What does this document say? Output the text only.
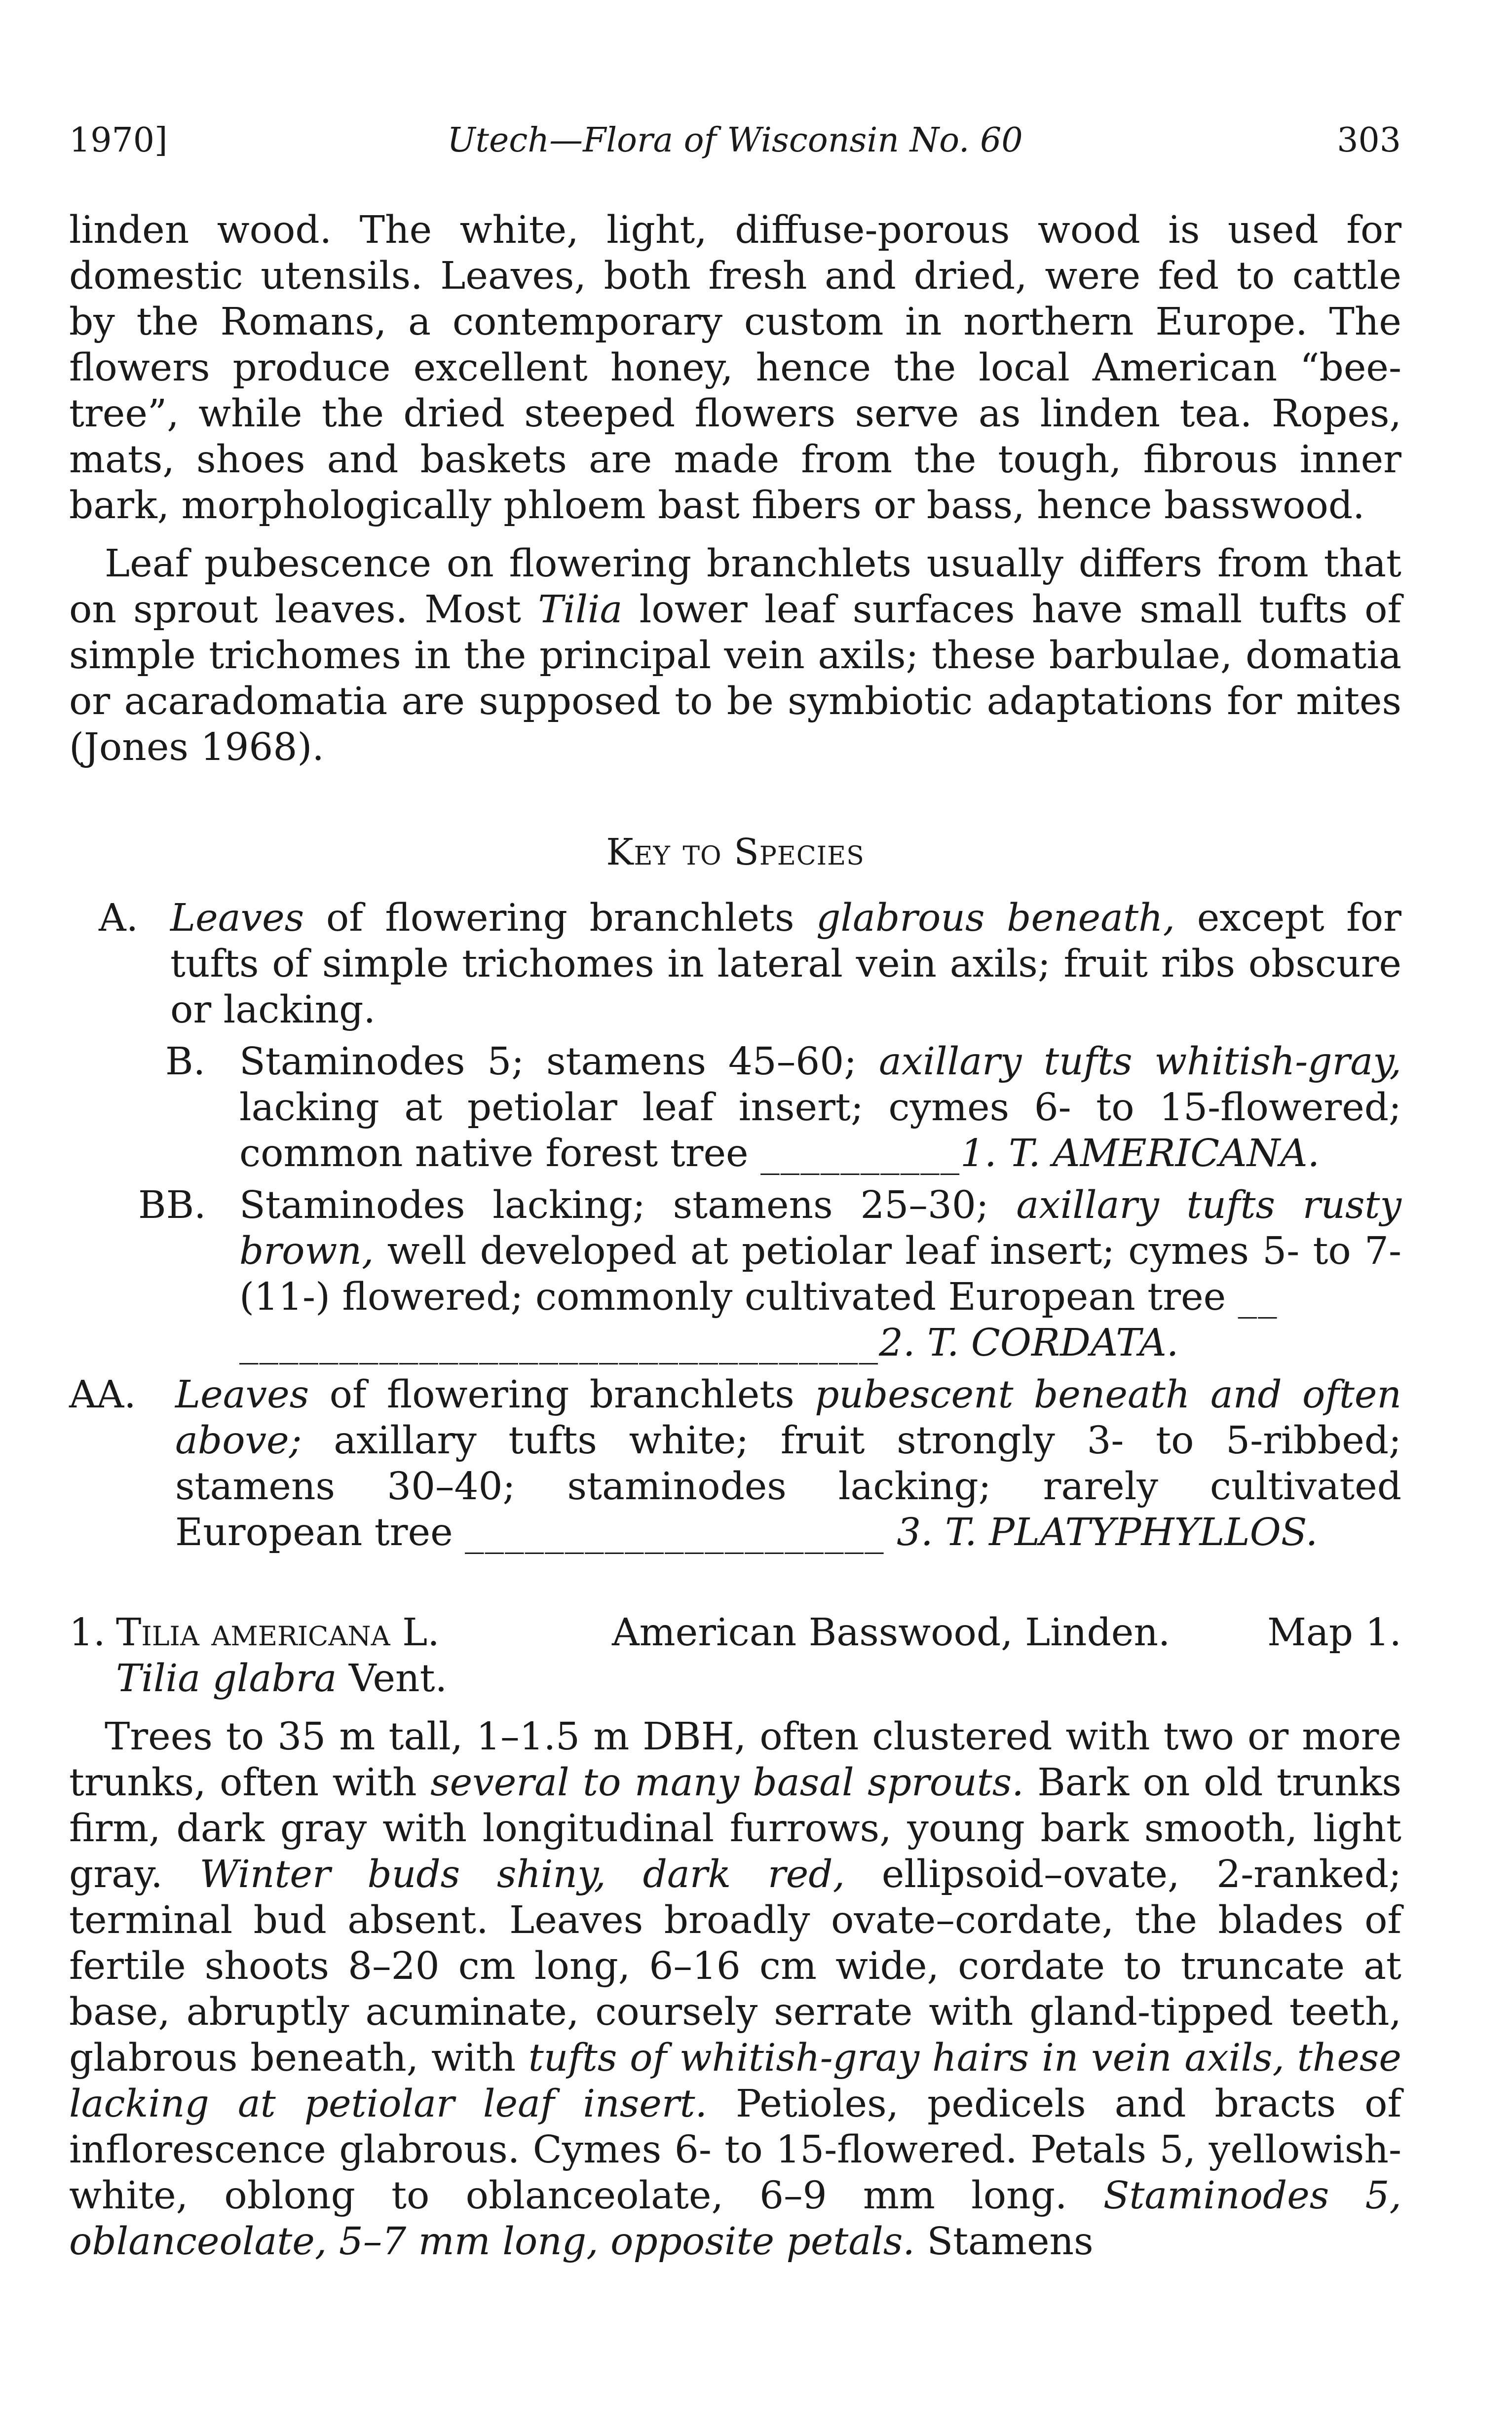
1970]	Utech—Flora of Wisconsin No. 60	303

linden wood. The white, light, diffuse-porous wood is used for domestic utensils. Leaves, both fresh and dried, were fed to cattle by the Romans, a contemporary custom in northern Europe. The flowers produce excellent honey, hence the local American “bee-tree”, while the dried steeped flowers serve as linden tea. Ropes, mats, shoes and baskets are made from the tough, fibrous inner bark, morphologically phloem bast fibers or bass, hence basswood.

Leaf pubescence on flowering branchlets usually differs from that on sprout leaves. Most Tilia lower leaf surfaces have small tufts of simple trichomes in the principal vein axils; these barbulae, domatia or acaradomatia are supposed to be symbiotic adaptations for mites (Jones 1968).

Key to Species

A. Leaves of flowering branchlets glabrous beneath, except for tufts of simple trichomes in lateral vein axils; fruit ribs obscure or lacking.

B. Staminodes 5; stamens 45–60; axillary tufts whitish-gray, lacking at petiolar leaf insert; cymes 6- to 15-flowered; common native forest tree __________1. T. AMERICANA.

BB. Staminodes lacking; stamens 25–30; axillary tufts rusty brown, well developed at petiolar leaf insert; cymes 5- to 7- (11-) flowered; commonly cultivated European tree __

________________________________2. T. CORDATA.

AA. Leaves of flowering branchlets pubescent beneath and often above; axillary tufts white; fruit strongly 3- to 5-ribbed; stamens 30–40; staminodes lacking; rarely cultivated European tree _____________________ 3. T. PLATYPHYLLOS.

1. Tilia americana L.	American Basswood, Linden.	Map 1.
Tilia glabra Vent.

Trees to 35 m tall, 1–1.5 m DBH, often clustered with two or more trunks, often with several to many basal sprouts. Bark on old trunks firm, dark gray with longitudinal furrows, young bark smooth, light gray. Winter buds shiny, dark red, ellipsoid–ovate, 2-ranked; terminal bud absent. Leaves broadly ovate–cordate, the blades of fertile shoots 8–20 cm long, 6–16 cm wide, cordate to truncate at base, abruptly acuminate, coursely serrate with gland-tipped teeth, glabrous beneath, with tufts of whitish-gray hairs in vein axils, these lacking at petiolar leaf insert. Petioles, pedicels and bracts of inflorescence glabrous. Cymes 6- to 15-flowered. Petals 5, yellowish-white, oblong to oblanceolate, 6–9 mm long. Staminodes 5, oblanceolate, 5–7 mm long, opposite petals. Stamens
